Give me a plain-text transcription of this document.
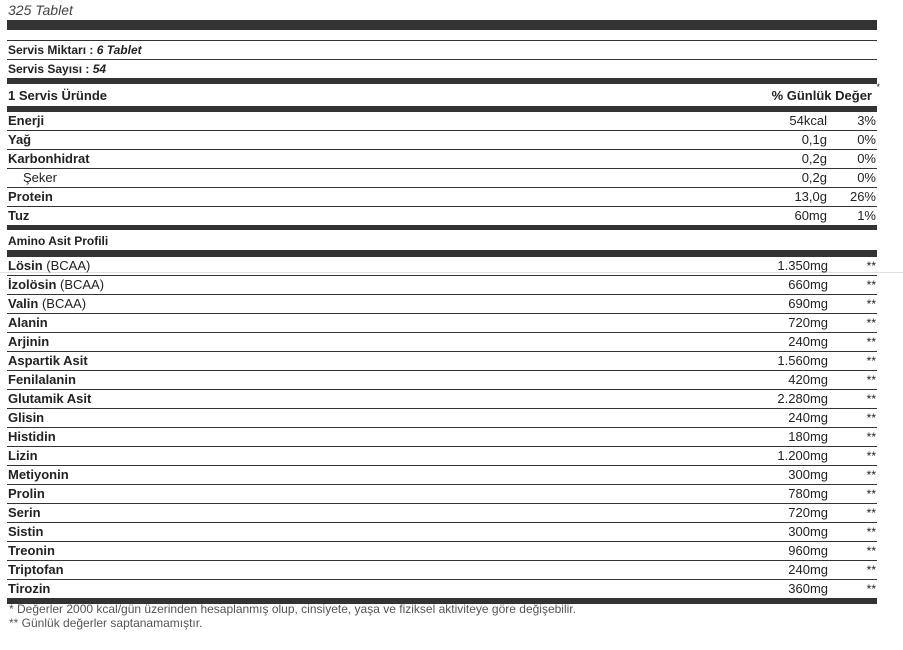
325 Tablet
Servis Miktarı : 6 Tablet
Servis Sayısı : 54
1 Servis Üründe	% Günlük Değer
*
Enerji	54kcal 3%
Yağ	0,1g 0%
Karbonhidrat	0,2g 0%
Şeker	0,2g 0%
Protein	13,0g 26%
Tuz	60mg 1%
Amino Asit Profili
Lösin (BCAA)	1.350mg	**
İzolösin (BCAA)	660mg	**
Valin (BCAA)	690mg	**
Alanin	720mg	**
Arjinin	240mg	**
Aspartik Asit	1.560mg	**
Fenilalanin	420mg	**
Glutamik Asit	2.280mg	**
Glisin	240mg	**
Histidin	180mg	**
Lizin	1.200mg	**
Metiyonin	300mg	**
Prolin	780mg	**
Serin	720mg	**
Sistin	300mg	**
Treonin	960mg	**
Triptofan	240mg	**
Tirozin	360mg	**
* Değerler 2000 kcal/gün üzerinden hesaplanmış olup, cinsiyete, yaşa ve fiziksel aktiviteye göre değişebilir.
** Günlük değerler saptanamamıştır.
